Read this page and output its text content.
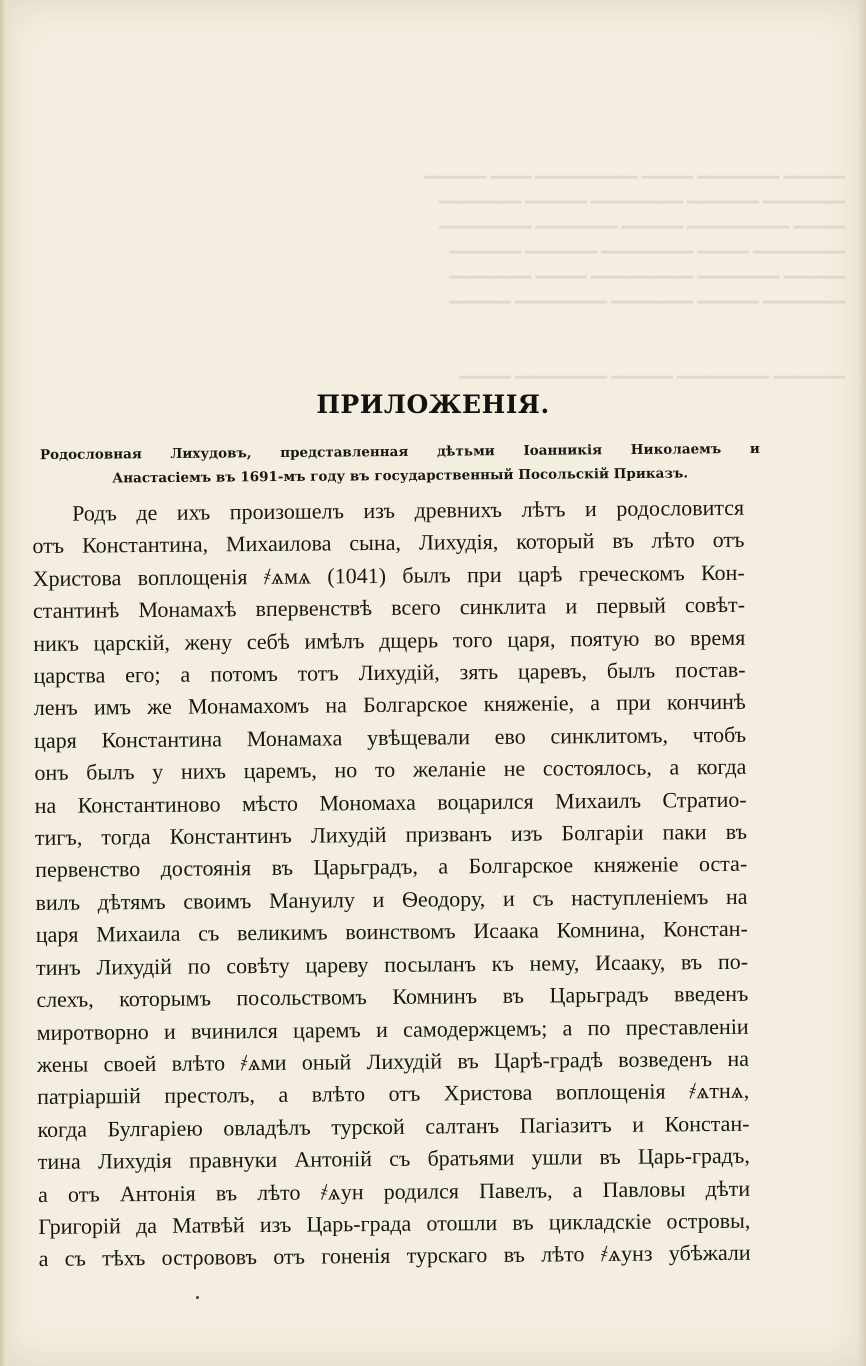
━━━━━━ ━━━━━━━━ ━━━━━ ━━━━━━━━━━ ━━━━ ━━━━━━
━━━━━━━━ ━━━━━━━ ━━━━━━━━━ ━━━━━━ ━━━━━━━━
━━━━━ ━━━━━━━━━━ ━━━━━━ ━━━━━━━━ ━━━━━━━━━
━━━━━━━━━ ━━━━━ ━━━━━━━━━ ━━━━━━━ ━━━━━━━
━━━━━━ ━━━━━━━━ ━━━━━━━━━━ ━━━━━ ━━━━━━━━
━━━━━━━━ ━━━━━━ ━━━━━━━━ ━━━━━━━━━ ━━━━━━

━━━━━━━ ━━━━━━━━━ ━━━━━━ ━━━━━━━━━ ━━━━━
ПРИЛОЖЕНІЯ.
Родословная Лихудовъ, представленная дѣтьми Іоанникія Николаемъ и
Анастасіемъ въ 1691-мъ году въ государственный Посольскій Приказъ.
Родъ де ихъ произошелъ изъ древнихъ лѣтъ и родословится
отъ Константина, Михаилова сына, Лихудія, который въ лѣто отъ
Христова воплощенія ҂ѧмѧ (1041) былъ при царѣ греческомъ Кон-
стантинѣ Монамахѣ впервенствѣ всего синклита и первый совѣт-
никъ царскій, жену себѣ имѣлъ дщерь того царя, поятую во время
царства его; а потомъ тотъ Лихудій, зять царевъ, былъ постав-
ленъ имъ же Монамахомъ на Болгарское княженіе, а при кончинѣ
царя Константина Монамаха увѣщевали ево синклитомъ, чтобъ
онъ былъ у нихъ царемъ, но то желаніе не состоялось, а когда
на Константиново мѣсто Мономаха воцарился Михаилъ Стратио-
тигъ, тогда Константинъ Лихудій призванъ изъ Болгаріи паки въ
первенство достоянія въ Царьградъ, а Болгарское княженіе оста-
вилъ дѣтямъ своимъ Мануилу и Ѳеодору, и съ наступленіемъ на
царя Михаила съ великимъ воинствомъ Исаака Комнина, Констан-
тинъ Лихудій по совѣту цареву посыланъ къ нему, Исааку, въ по-
слехъ, которымъ посольствомъ Комнинъ въ Царьградъ введенъ
миротворно и вчинился царемъ и самодержцемъ; а по преставленіи
жены своей влѣто ҂ѧми оный Лихудій въ Царѣ-градѣ возведенъ на
патріаршій престолъ, а влѣто отъ Христова воплощенія ҂ѧтнѧ,
когда Булгаріею овладѣлъ турской салтанъ Пагіазитъ и Констан-
тина Лихудія правнуки Антоній съ братьями ушли въ Царь-градъ,
а отъ Антонія въ лѣто ҂ѧун родился Павелъ, а Павловы дѣти
Григорій да Матвѣй изъ Царь-града отошли въ цикладскіе островы,
а съ тѣхъ остροвовъ отъ гоненія турскаго въ лѣто ҂ѧунз убѣжали
